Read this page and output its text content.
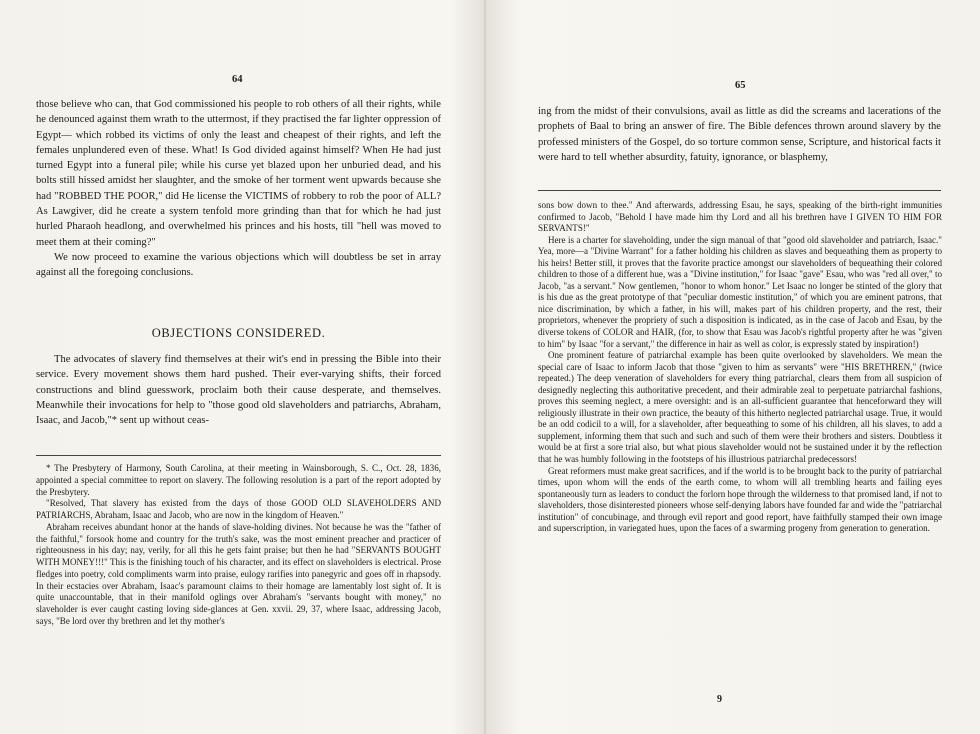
64

those believe who can, that God commissioned his people to rob others of all their rights, while he denounced against them wrath to the uttermost, if they practised the far lighter oppression of Egypt— which robbed its victims of only the least and cheapest of their rights, and left the females unplundered even of these. What! Is God divided against himself? When He had just turned Egypt into a funeral pile; while his curse yet blazed upon her unburied dead, and his bolts still hissed amidst her slaughter, and the smoke of her torment went upwards because she had "ROBBED THE POOR," did He license the VICTIMS of robbery to rob the poor of ALL? As Lawgiver, did he create a system tenfold more grinding than that for which he had just hurled Pharaoh headlong, and overwhelmed his princes and his hosts, till "hell was moved to meet them at their coming?"

We now proceed to examine the various objections which will doubtless be set in array against all the foregoing conclusions.

OBJECTIONS CONSIDERED.

The advocates of slavery find themselves at their wit's end in pressing the Bible into their service. Every movement shows them hard pushed. Their ever-varying shifts, their forced constructions and blind guesswork, proclaim both their cause desperate, and themselves. Meanwhile their invocations for help to "those good old slaveholders and patriarchs, Abraham, Isaac, and Jacob,"* sent up without ceas-

* The Presbytery of Harmony, South Carolina, at their meeting in Wainsborough, S. C., Oct. 28, 1836, appointed a special committee to report on slavery. The following resolution is a part of the report adopted by the Presbytery.

"Resolved, That slavery has existed from the days of those GOOD OLD SLAVEHOLDERS AND PATRIARCHS, Abraham, Isaac and Jacob, who are now in the kingdom of Heaven."

Abraham receives abundant honor at the hands of slave-holding divines. Not because he was the "father of the faithful," forsook home and country for the truth's sake, was the most eminent preacher and practicer of righteousness in his day; nay, verily, for all this he gets faint praise; but then he had "SERVANTS BOUGHT WITH MONEY!!!" This is the finishing touch of his character, and its effect on slaveholders is electrical. Prose fledges into poetry, cold compliments warm into praise, eulogy rarifies into panegyric and goes off in rhapsody. In their ecstacies over Abraham, Isaac's paramount claims to their homage are lamentably lost sight of. It is quite unaccountable, that in their manifold oglings over Abraham's "servants bought with money," no slaveholder is ever caught casting loving side-glances at Gen. xxvii. 29, 37, where Isaac, addressing Jacob, says, "Be lord over thy brethren and let thy mother's

65

ing from the midst of their convulsions, avail as little as did the screams and lacerations of the prophets of Baal to bring an answer of fire. The Bible defences thrown around slavery by the professed ministers of the Gospel, do so torture common sense, Scripture, and historical facts it were hard to tell whether absurdity, fatuity, ignorance, or blasphemy,

sons bow down to thee." And afterwards, addressing Esau, he says, speaking of the birth-right immunities confirmed to Jacob, "Behold I have made him thy Lord and all his brethren have I GIVEN TO HIM FOR SERVANTS!"

Here is a charter for slaveholding, under the sign manual of that "good old slaveholder and patriarch, Isaac." Yea, more—a "Divine Warrant" for a father holding his children as slaves and bequeathing them as property to his heirs! Better still, it proves that the favorite practice amongst our slaveholders of bequeathing their colored children to those of a different hue, was a "Divine institution," for Isaac "gave" Esau, who was "red all over," to Jacob, "as a servant." Now gentlemen, "honor to whom honor." Let Isaac no longer be stinted of the glory that is his due as the great prototype of that "peculiar domestic institution," of which you are eminent patrons, that nice discrimination, by which a father, in his will, makes part of his children property, and the rest, their proprietors, whenever the propriety of such a disposition is indicated, as in the case of Jacob and Esau, by the diverse tokens of COLOR and HAIR, (for, to show that Esau was Jacob's rightful property after he was "given to him" by Isaac "for a servant," the difference in hair as well as color, is expressly stated by inspiration!)

One prominent feature of patriarchal example has been quite overlooked by slaveholders. We mean the special care of Isaac to inform Jacob that those "given to him as servants" were "HIS BRETHREN," (twice repeated.) The deep veneration of slaveholders for every thing patriarchal, clears them from all suspicion of designedly neglecting this authoritative precedent, and their admirable zeal to perpetuate patriarchal fashions, proves this seeming neglect, a mere oversight: and is an all-sufficient guarantee that henceforward they will religiously illustrate in their own practice, the beauty of this hitherto neglected patriarchal usage. True, it would be an odd codicil to a will, for a slaveholder, after bequeathing to some of his children, all his slaves, to add a supplement, informing them that such and such and such of them were their brothers and sisters. Doubtless it would be at first a sore trial also, but what pious slaveholder would not be sustained under it by the reflection that he was humbly following in the footsteps of his illustrious patriarchal predecessors!

Great reformers must make great sacrifices, and if the world is to be brought back to the purity of patriarchal times, upon whom will the ends of the earth come, to whom will all trembling hearts and failing eyes spontaneously turn as leaders to conduct the forlorn hope through the wilderness to that promised land, if not to slaveholders, those disinterested pioneers whose self-denying labors have founded far and wide the "patriarchal institution" of concubinage, and through evil report and good report, have faithfully stamped their own image and superscription, in variegated hues, upon the faces of a swarming progeny from generation to generation.

9
